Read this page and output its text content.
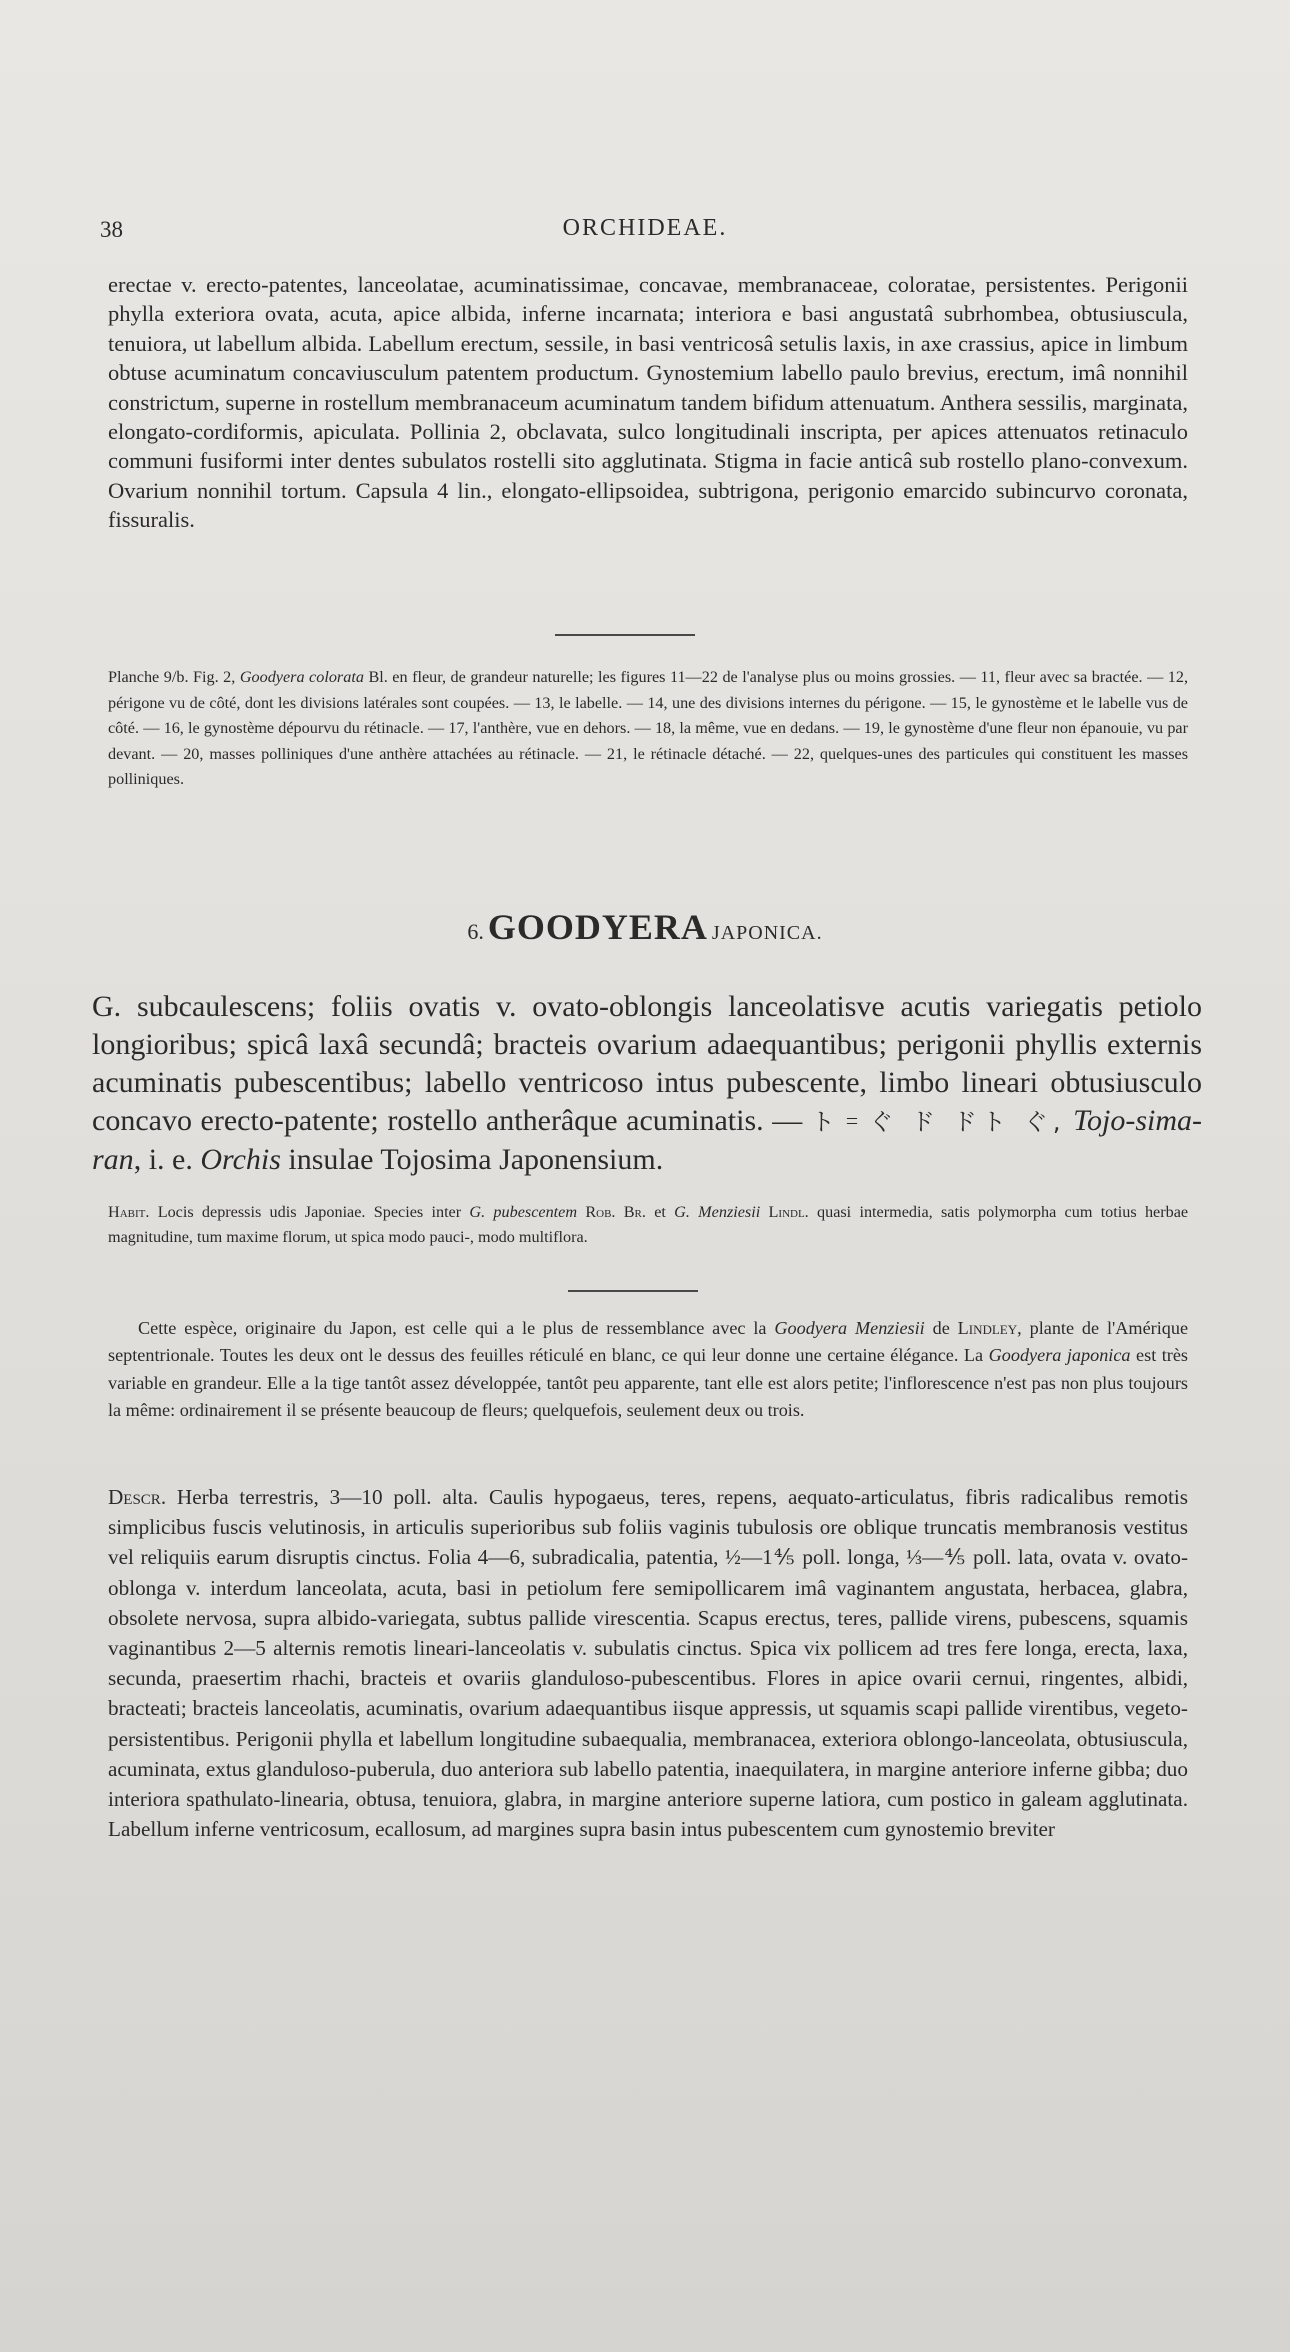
38	ORCHIDEAE.
erectae v. erecto-patentes, lanceolatae, acuminatissimae, concavae, membranaceae, coloratae, persistentes. Perigonii phylla exteriora ovata, acuta, apice albida, inferne incarnata; interiora e basi angustatâ subrhombea, obtusiuscula, tenuiora, ut labellum albida. Labellum erectum, sessile, in basi ventricosâ setulis laxis, in axe crassius, apice in limbum obtuse acuminatum concaviusculum patentem productum. Gynostemium labello paulo brevius, erectum, imâ nonnihil constrictum, superne in rostellum membranaceum acuminatum tandem bifidum attenuatum. Anthera sessilis, marginata, elongato-cordiformis, apiculata. Pollinia 2, obclavata, sulco longitudinali inscripta, per apices attenuatos retinaculo communi fusiformi inter dentes subulatos rostelli sito agglutinata. Stigma in facie anticâ sub rostello plano-convexum. Ovarium nonnihil tortum. Capsula 4 lin., elongato-ellipsoidea, subtrigona, perigonio emarcido subincurvo coronata, fissuralis.
Planche 9/b. Fig. 2, Goodyera colorata Bl. en fleur, de grandeur naturelle; les figures 11—22 de l'analyse plus ou moins grossies. — 11, fleur avec sa bractée. — 12, périgone vu de côté, dont les divisions latérales sont coupées. — 13, le labelle. — 14, une des divisions internes du périgone. — 15, le gynostème et le labelle vus de côté. — 16, le gynostème dépourvu du rétinacle. — 17, l'anthère, vue en dehors. — 18, la même, vue en dedans. — 19, le gynostème d'une fleur non épanouie, vu par devant. — 20, masses polliniques d'une anthère attachées au rétinacle. — 21, le rétinacle détaché. — 22, quelques-unes des particules qui constituent les masses polliniques.
6. GOODYERA JAPONICA.
G. subcaulescens; foliis ovatis v. ovato-oblongis lanceolatisve acutis variegatis petiolo longioribus; spicâ laxâ secundâ; bracteis ovarium adaequantibus; perigonii phyllis externis acuminatis pubescentibus; labello ventricoso intus pubescente, limbo lineari obtusiusculo concavo erecto-patente; rostello antherâque acuminatis. — ト゠ぐ ド ドト ぐ, Tojo-sima-ran, i. e. Orchis insulae Tojosima Japonensium.
Habit. Locis depressis udis Japoniae. Species inter G. pubescentem Rob. Br. et G. Menziesii Lindl. quasi intermedia, satis polymorpha cum totius herbae magnitudine, tum maxime florum, ut spica modo pauci-, modo multiflora.
Cette espèce, originaire du Japon, est celle qui a le plus de ressemblance avec la Goodyera Menziesii de Lindley, plante de l'Amérique septentrionale. Toutes les deux ont le dessus des feuilles réticulé en blanc, ce qui leur donne une certaine élégance. La Goodyera japonica est très variable en grandeur. Elle a la tige tantôt assez développée, tantôt peu apparente, tant elle est alors petite; l'inflorescence n'est pas non plus toujours la même: ordinairement il se présente beaucoup de fleurs; quelquefois, seulement deux ou trois.
Descr. Herba terrestris, 3—10 poll. alta. Caulis hypogaeus, teres, repens, aequato-articulatus, fibris radicalibus remotis simplicibus fuscis velutinosis, in articulis superioribus sub foliis vaginis tubulosis ore oblique truncatis membranosis vestitus vel reliquiis earum disruptis cinctus. Folia 4—6, subradicalia, patentia, ½—1⅘ poll. longa, ⅓—⅘ poll. lata, ovata v. ovato-oblonga v. interdum lanceolata, acuta, basi in petiolum fere semipollicarem imâ vaginantem angustata, herbacea, glabra, obsolete nervosa, supra albido-variegata, subtus pallide virescentia. Scapus erectus, teres, pallide virens, pubescens, squamis vaginantibus 2—5 alternis remotis lineari-lanceolatis v. subulatis cinctus. Spica vix pollicem ad tres fere longa, erecta, laxa, secunda, praesertim rhachi, bracteis et ovariis glanduloso-pubescentibus. Flores in apice ovarii cernui, ringentes, albidi, bracteati; bracteis lanceolatis, acuminatis, ovarium adaequantibus iisque appressis, ut squamis scapi pallide virentibus, vegeto-persistentibus. Perigonii phylla et labellum longitudine subaequalia, membranacea, exteriora oblongo-lanceolata, obtusiuscula, acuminata, extus glanduloso-puberula, duo anteriora sub labello patentia, inaequilatera, in margine anteriore inferne gibba; duo interiora spathulato-linearia, obtusa, tenuiora, glabra, in margine anteriore superne latiora, cum postico in galeam agglutinata. Labellum inferne ventricosum, ecallosum, ad margines supra basin intus pubescentem cum gynostemio breviter
